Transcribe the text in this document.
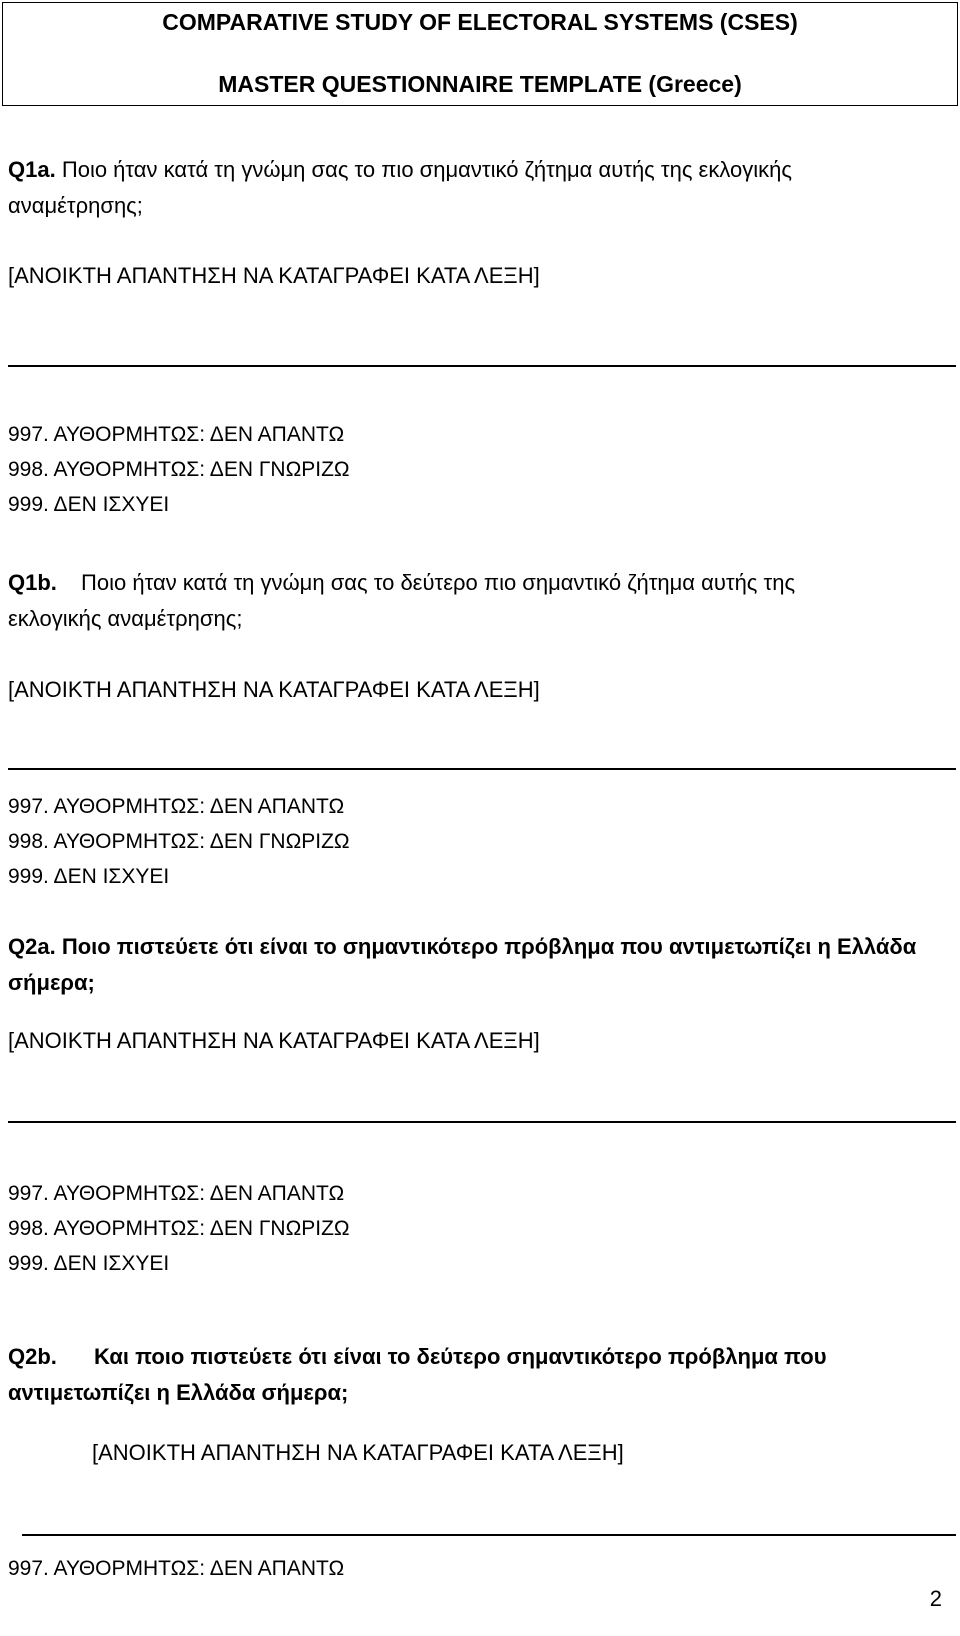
COMPARATIVE STUDY OF ELECTORAL SYSTEMS (CSES)
MASTER QUESTIONNAIRE TEMPLATE (Greece)
Q1a. Ποιο ήταν κατά τη γνώμη σας το πιο σημαντικό ζήτημα αυτής της εκλογικής
αναμέτρησης;
[ΑΝΟΙΚΤΗ ΑΠΑΝΤΗΣΗ ΝΑ ΚΑΤΑΓΡΑΦΕΙ ΚΑΤΑ ΛΕΞΗ]
997. ΑΥΘΟΡΜΗΤΩΣ: ΔΕΝ ΑΠΑΝΤΩ
998. ΑΥΘΟΡΜΗΤΩΣ: ΔΕΝ ΓΝΩΡΙΖΩ
999. ΔΕΝ ΙΣΧΥΕΙ
Q1b. Ποιο ήταν κατά τη γνώμη σας το δεύτερο πιο σημαντικό ζήτημα αυτής της
εκλογικής αναμέτρησης;
[ΑΝΟΙΚΤΗ ΑΠΑΝΤΗΣΗ ΝΑ ΚΑΤΑΓΡΑΦΕΙ ΚΑΤΑ ΛΕΞΗ]
997. ΑΥΘΟΡΜΗΤΩΣ: ΔΕΝ ΑΠΑΝΤΩ
998. ΑΥΘΟΡΜΗΤΩΣ: ΔΕΝ ΓΝΩΡΙΖΩ
999. ΔΕΝ ΙΣΧΥΕΙ
Q2a. Ποιο πιστεύετε ότι είναι το σημαντικότερο πρόβλημα που αντιμετωπίζει η Ελλάδα
σήμερα;
[ΑΝΟΙΚΤΗ ΑΠΑΝΤΗΣΗ ΝΑ ΚΑΤΑΓΡΑΦΕΙ ΚΑΤΑ ΛΕΞΗ]
997. ΑΥΘΟΡΜΗΤΩΣ: ΔΕΝ ΑΠΑΝΤΩ
998. ΑΥΘΟΡΜΗΤΩΣ: ΔΕΝ ΓΝΩΡΙΖΩ
999. ΔΕΝ ΙΣΧΥΕΙ
Q2b. Και ποιο πιστεύετε ότι είναι το δεύτερο σημαντικότερο πρόβλημα που
αντιμετωπίζει η Ελλάδα σήμερα;
[ΑΝΟΙΚΤΗ ΑΠΑΝΤΗΣΗ ΝΑ ΚΑΤΑΓΡΑΦΕΙ ΚΑΤΑ ΛΕΞΗ]
997. ΑΥΘΟΡΜΗΤΩΣ: ΔΕΝ ΑΠΑΝΤΩ
2
